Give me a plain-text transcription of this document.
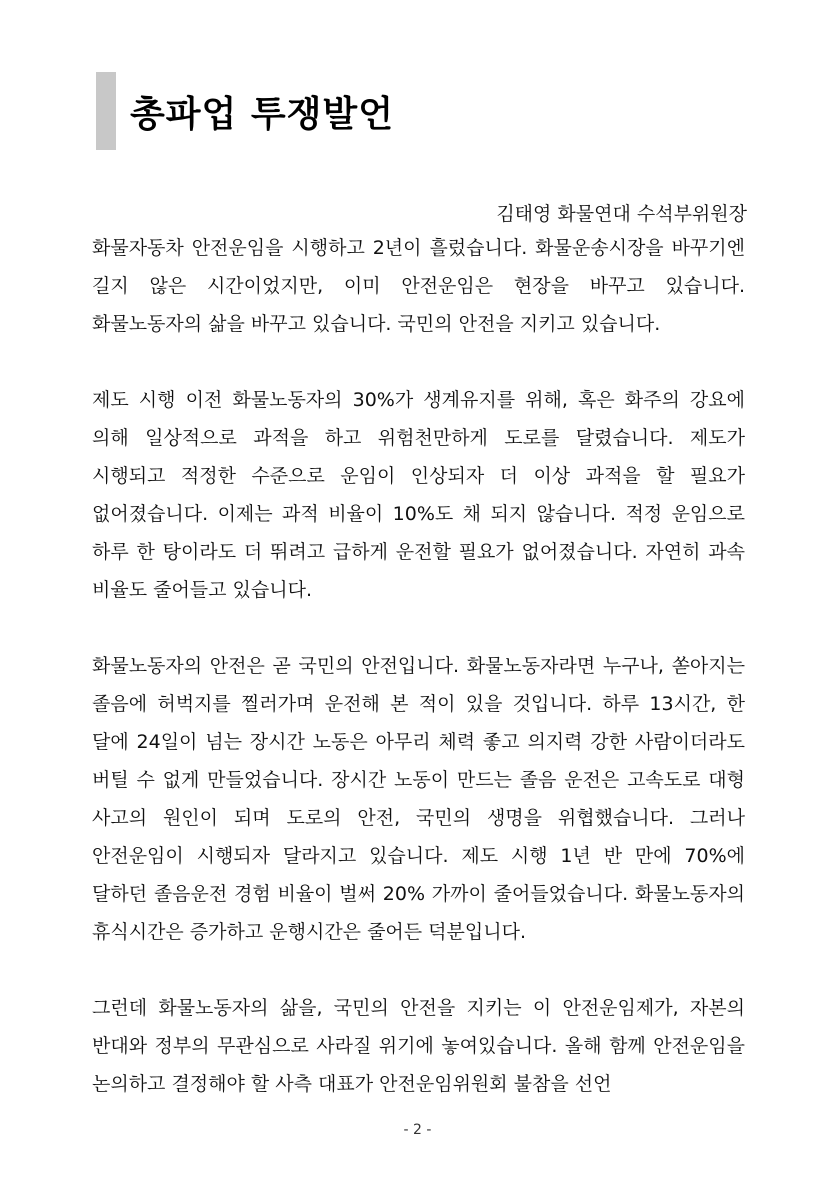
총파업 투쟁발언
김태영 화물연대 수석부위원장

화물자동차 안전운임을 시행하고 2년이 흘렀습니다. 화물운송시장을 바꾸기엔 길지 않은 시간이었지만, 이미 안전운임은 현장을 바꾸고 있습니다. 화물노동자의 삶을 바꾸고 있습니다. 국민의 안전을 지키고 있습니다.

제도 시행 이전 화물노동자의 30%가 생계유지를 위해, 혹은 화주의 강요에 의해 일상적으로 과적을 하고 위험천만하게 도로를 달렸습니다. 제도가 시행되고 적정한 수준으로 운임이 인상되자 더 이상 과적을 할 필요가 없어졌습니다. 이제는 과적 비율이 10%도 채 되지 않습니다. 적정 운임으로 하루 한 탕이라도 더 뛰려고 급하게 운전할 필요가 없어졌습니다. 자연히 과속 비율도 줄어들고 있습니다.

화물노동자의 안전은 곧 국민의 안전입니다. 화물노동자라면 누구나, 쏟아지는 졸음에 허벅지를 찔러가며 운전해 본 적이 있을 것입니다. 하루 13시간, 한 달에 24일이 넘는 장시간 노동은 아무리 체력 좋고 의지력 강한 사람이더라도 버틸 수 없게 만들었습니다. 장시간 노동이 만드는 졸음 운전은 고속도로 대형 사고의 원인이 되며 도로의 안전, 국민의 생명을 위협했습니다. 그러나 안전운임이 시행되자 달라지고 있습니다. 제도 시행 1년 반 만에 70%에 달하던 졸음운전 경험 비율이 벌써 20% 가까이 줄어들었습니다. 화물노동자의 휴식시간은 증가하고 운행시간은 줄어든 덕분입니다.

그런데 화물노동자의 삶을, 국민의 안전을 지키는 이 안전운임제가, 자본의 반대와 정부의 무관심으로 사라질 위기에 놓여있습니다. 올해 함께 안전운임을 논의하고 결정해야 할 사측 대표가 안전운임위원회 불참을 선언

- 2 -
